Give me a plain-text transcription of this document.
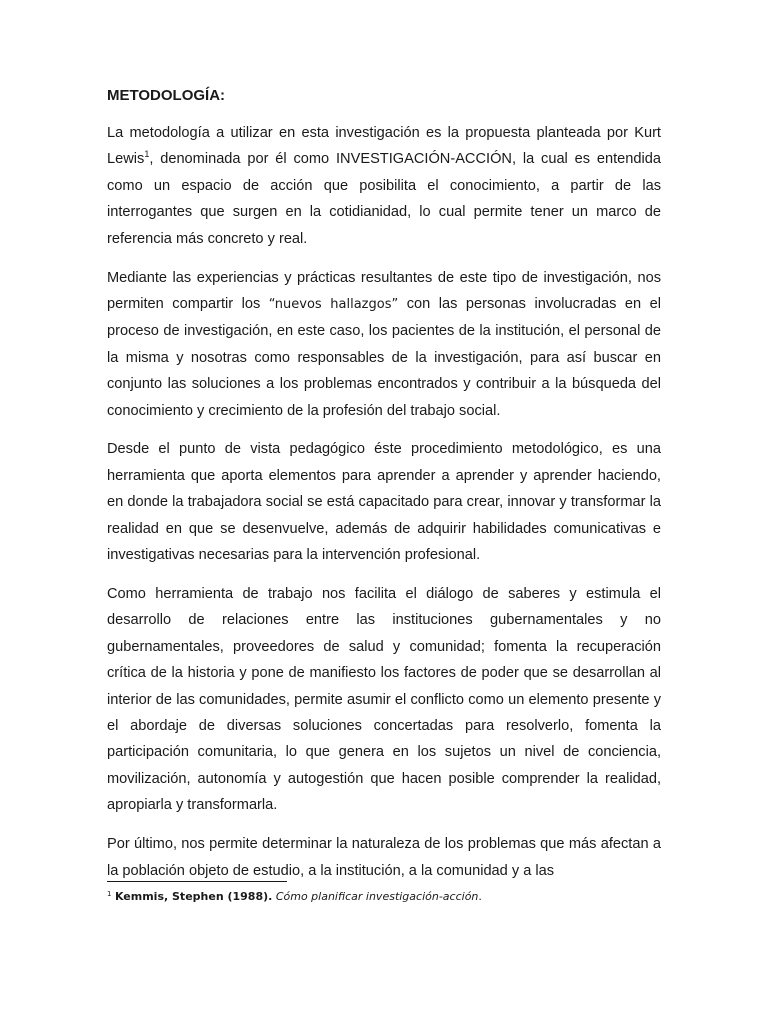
METODOLOGÍA:

La metodología a utilizar en esta investigación es la propuesta planteada por Kurt Lewis$^1$, denominada por él como INVESTIGACIÓN-ACCIÓN, la cual es entendida como un espacio de acción que posibilita el conocimiento, a partir de las interrogantes que surgen en la cotidianidad, lo cual permite tener un marco de referencia más concreto y real.

Mediante las experiencias y prácticas resultantes de este tipo de investigación, nos permiten compartir los “nuevos hallazgos” con las personas involucradas en el proceso de investigación, en este caso, los pacientes de la institución, el personal de la misma y nosotras como responsables de la investigación, para así buscar en conjunto las soluciones a los problemas encontrados y contribuir a la búsqueda del conocimiento y crecimiento de la profesión del trabajo social.

Desde el punto de vista pedagógico éste procedimiento metodológico, es una herramienta que aporta elementos para aprender a aprender y aprender haciendo, en donde la trabajadora social se está capacitado para crear, innovar y transformar la realidad en que se desenvuelve, además de adquirir habilidades comunicativas e investigativas necesarias para la intervención profesional.

Como herramienta de trabajo nos facilita el diálogo de saberes y estimula el desarrollo de relaciones entre las instituciones gubernamentales y no gubernamentales, proveedores de salud y comunidad; fomenta la recuperación crítica de la historia y pone de manifiesto los factores de poder que se desarrollan al interior de las comunidades, permite asumir el conflicto como un elemento presente y el abordaje de diversas soluciones concertadas para resolverlo, fomenta la participación comunitaria, lo que genera en los sujetos un nivel de conciencia, movilización, autonomía y autogestión que hacen posible comprender la realidad, apropiarla y transformarla.

Por último, nos permite determinar la naturaleza de los problemas que más afectan a la población objeto de estudio, a la institución, a la comunidad y a las

$^1$ Kemmis, Stephen (1988). Cómo planificar investigación-acción.
